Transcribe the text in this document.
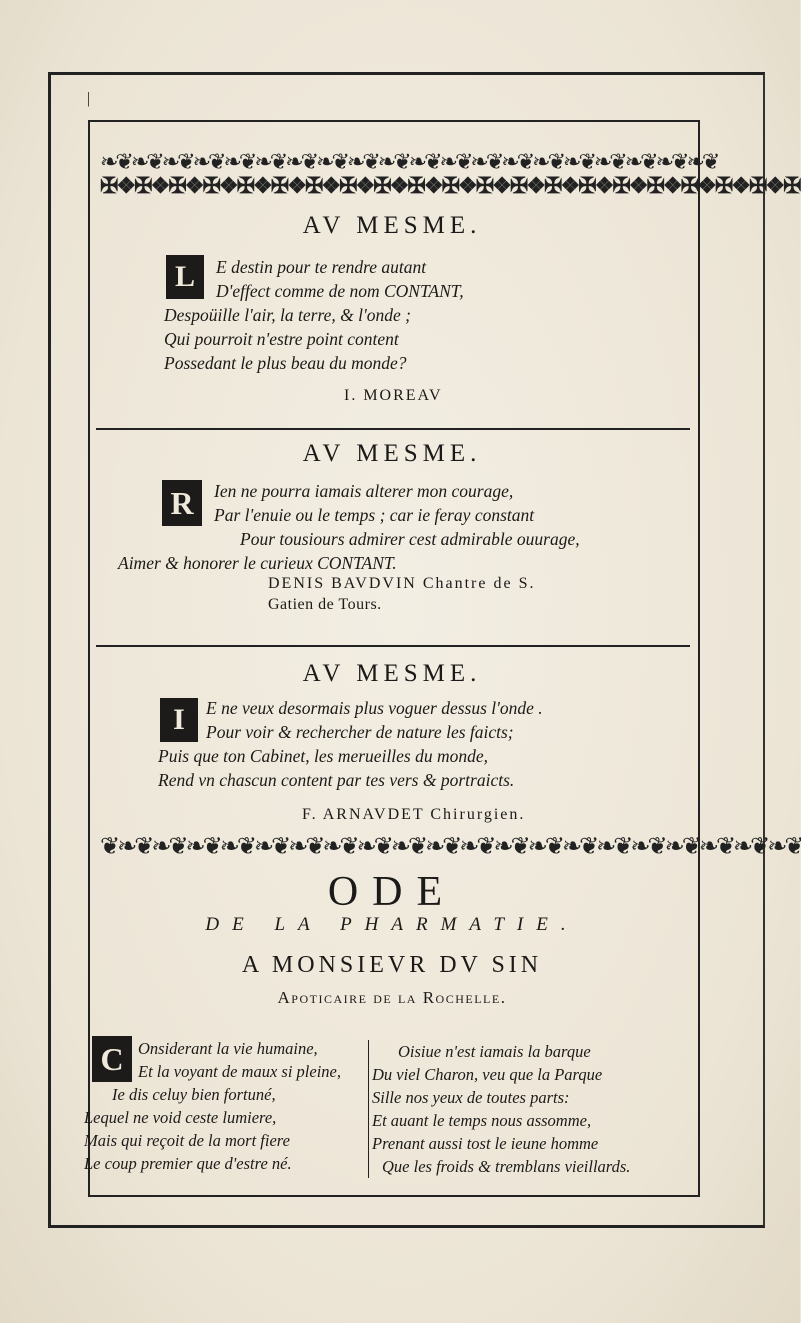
|
❧❦❧❦❧❦❧❦❧❦❧❦❧❦❧❦❧❦❧❦❧❦❧❦❧❦❧❦❧❦❧❦❧❦❧❦❧❦❧❦
✠❖✠❖✠❖✠❖✠❖✠❖✠❖✠❖✠❖✠❖✠❖✠❖✠❖✠❖✠❖✠❖✠❖✠❖✠❖✠❖✠
AV MESME.
L	E destin pour te rendre autant
D'effect comme de nom CONTANT,
Despoüille l'air, la terre, & l'onde ;
Qui pourroit n'estre point content
Possedant le plus beau du monde?
I. MOREAV
AV MESME.
R	Ien ne pourra iamais alterer mon courage,
Par l'enuie ou le temps ; car ie feray constant
Pour tousiours admirer cest admirable ouurage,
Aimer & honorer le curieux CONTANT.
DENIS BAVDVIN Chantre de S.
Gatien de Tours.
AV MESME.
I	E ne veux desormais plus voguer dessus l'onde .
Pour voir & rechercher de nature les faicts;
Puis que ton Cabinet, les merueilles du monde,
Rend vn chascun content par tes vers & portraicts.
F. ARNAVDET Chirurgien.
❦❧❦❧❦❧❦❧❦❧❦❧❦❧❦❧❦❧❦❧❦❧❦❧❦❧❦❧❦❧❦❧❦❧❦❧❦❧❦❧❦
ODE
DE LA PHARMATIE.
A MONSIEVR DV SIN
Apoticaire de la Rochelle.
C Onsiderant la vie humaine,
Et la voyant de maux si pleine,
Ie dis celuy bien fortuné,
Lequel ne void ceste lumiere,
Mais qui reçoit de la mort fiere
Le coup premier que d'estre né.
Oisiue n'est iamais la barque
Du viel Charon, veu que la Parque
Sille nos yeux de toutes parts:
Et auant le temps nous assomme,
Prenant aussi tost le ieune homme
Que les froids & tremblans vieillards.
